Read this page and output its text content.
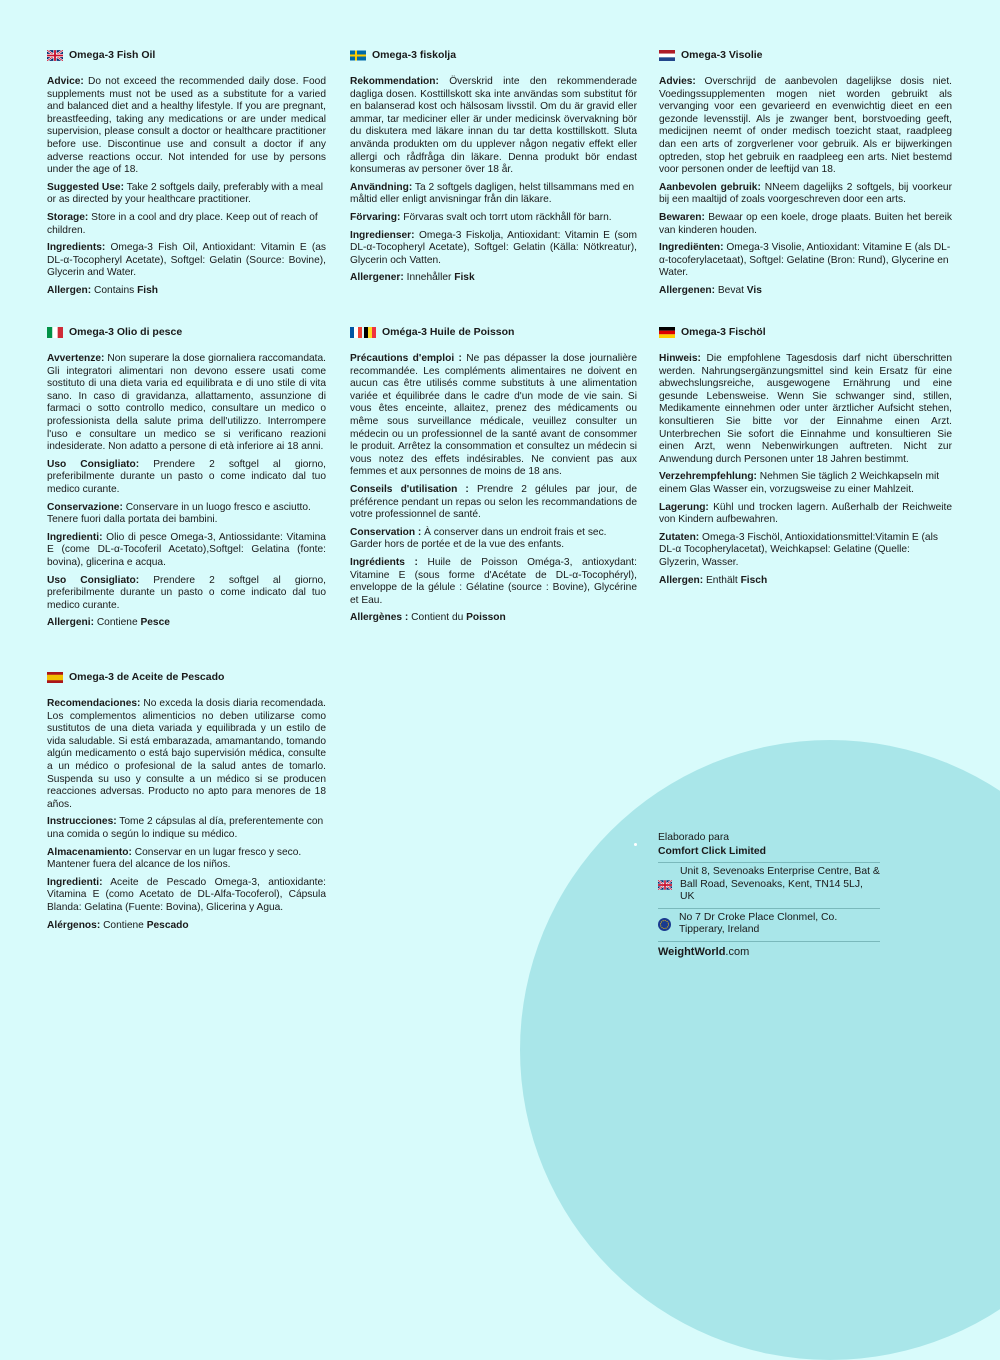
Omega-3 Fish Oil

Advice: Do not exceed the recommended daily dose. Food supplements must not be used as a substitute for a varied and balanced diet and a healthy lifestyle. If you are pregnant, breastfeeding, taking any medications or are under medical supervision, please consult a doctor or healthcare practitioner before use. Discontinue use and consult a doctor if any adverse reactions occur. Not intended for use by persons under the age of 18.

Suggested Use: Take 2 softgels daily, preferably with a meal or as directed by your healthcare practitioner.

Storage: Store in a cool and dry place. Keep out of reach of children.

Ingredients: Omega-3 Fish Oil, Antioxidant: Vitamin E (as DL-α-Tocopheryl Acetate), Softgel: Gelatin (Source: Bovine), Glycerin and Water.

Allergen: Contains Fish

Omega-3 fiskolja

Rekommendation: Överskrid inte den rekommenderade dagliga dosen. Kosttillskott ska inte användas som substitut för en balanserad kost och hälsosam livsstil. Om du är gravid eller ammar, tar mediciner eller är under medicinsk övervakning bör du diskutera med läkare innan du tar detta kosttillskott. Sluta använda produkten om du upplever någon negativ effekt eller allergi och rådfråga din läkare. Denna produkt bör endast konsumeras av personer över 18 år.

Användning: Ta 2 softgels dagligen, helst tillsammans med en måltid eller enligt anvisningar från din läkare.

Förvaring: Förvaras svalt och torrt utom räckhåll för barn.

Ingredienser: Omega-3 Fiskolja, Antioxidant: Vitamin E (som DL-α-Tocopheryl Acetate), Softgel: Gelatin (Källa: Nötkreatur), Glycerin och Vatten.

Allergener: Innehåller Fisk

Omega-3 Visolie

Advies: Overschrijd de aanbevolen dagelijkse dosis niet. Voedingssupplementen mogen niet worden gebruikt als vervanging voor een gevarieerd en evenwichtig dieet en een gezonde levensstijl. Als je zwanger bent, borstvoeding geeft, medicijnen neemt of onder medisch toezicht staat, raadpleeg dan een arts of zorgverlener voor gebruik. Als er bijwerkingen optreden, stop het gebruik en raadpleeg een arts. Niet bestemd voor personen onder de leeftijd van 18.

Aanbevolen gebruik: NNeem dagelijks 2 softgels, bij voorkeur bij een maaltijd of zoals voorgeschreven door een arts.

Bewaren: Bewaar op een koele, droge plaats. Buiten het bereik van kinderen houden.

Ingrediënten: Omega-3 Visolie, Antioxidant: Vitamine E (als DL-α-tocoferylacetaat), Softgel: Gelatine (Bron: Rund), Glycerine en Water.

Allergenen: Bevat Vis

Omega-3 Olio di pesce

Avvertenze: Non superare la dose giornaliera raccomandata. Gli integratori alimentari non devono essere usati come sostituto di una dieta varia ed equilibrata e di uno stile di vita sano. In caso di gravidanza, allattamento, assunzione di farmaci o sotto controllo medico, consultare un medico o professionista della salute prima dell'utilizzo. Interrompere l'uso e consultare un medico se si verificano reazioni indesiderate. Non adatto a persone di età inferiore ai 18 anni.

Uso Consigliato: Prendere 2 softgel al giorno, preferibilmente durante un pasto o come indicato dal tuo medico curante.

Conservazione: Conservare in un luogo fresco e asciutto. Tenere fuori dalla portata dei bambini.

Ingredienti: Olio di pesce Omega-3, Antiossidante: Vitamina E (come DL-α-Tocoferil Acetato),Softgel: Gelatina (fonte: bovina), glicerina e acqua.

Uso Consigliato: Prendere 2 softgel al giorno, preferibilmente durante un pasto o come indicato dal tuo medico curante.

Allergeni: Contiene Pesce

Oméga-3 Huile de Poisson

Précautions d'emploi : Ne pas dépasser la dose journalière recommandée. Les compléments alimentaires ne doivent en aucun cas être utilisés comme substituts à une alimentation variée et équilibrée dans le cadre d'un mode de vie sain. Si vous êtes enceinte, allaitez, prenez des médicaments ou même sous surveillance médicale, veuillez consulter un médecin ou un professionnel de la santé avant de consommer le produit. Arrêtez la consommation et consultez un médecin si vous notez des effets indésirables. Ne convient pas aux femmes et aux personnes de moins de 18 ans.

Conseils d'utilisation : Prendre 2 gélules par jour, de préférence pendant un repas ou selon les recommandations de votre professionnel de santé.

Conservation : À conserver dans un endroit frais et sec. Garder hors de portée et de la vue des enfants.

Ingrédients : Huile de Poisson Oméga-3, antioxydant: Vitamine E (sous forme d'Acétate de DL-α-Tocophéryl), enveloppe de la gélule : Gélatine (source : Bovine), Glycérine et Eau.

Allergènes : Contient du Poisson

Omega-3 Fischöl

Hinweis: Die empfohlene Tagesdosis darf nicht überschritten werden. Nahrungsergänzungsmittel sind kein Ersatz für eine abwechslungsreiche, ausgewogene Ernährung und eine gesunde Lebensweise. Wenn Sie schwanger sind, stillen, Medikamente einnehmen oder unter ärztlicher Aufsicht stehen, konsultieren Sie bitte vor der Einnahme einen Arzt. Unterbrechen Sie sofort die Einnahme und konsultieren Sie einen Arzt, wenn Nebenwirkungen auftreten. Nicht zur Anwendung durch Personen unter 18 Jahren bestimmt.

Verzehrempfehlung: Nehmen Sie täglich 2 Weichkapseln mit einem Glas Wasser ein, vorzugsweise zu einer Mahlzeit.

Lagerung: Kühl und trocken lagern. Außerhalb der Reichweite von Kindern aufbewahren.

Zutaten: Omega-3 Fischöl, Antioxidationsmittel:Vitamin E (als DL-α Tocopherylacetat), Weichkapsel: Gelatine (Quelle: Glyzerin, Wasser.

Allergen: Enthält Fisch

Omega-3 de Aceite de Pescado

Recomendaciones: No exceda la dosis diaria recomendada. Los complementos alimenticios no deben utilizarse como sustitutos de una dieta variada y equilibrada y un estilo de vida saludable. Si está embarazada, amamantando, tomando algún medicamento o está bajo supervisión médica, consulte a un médico o profesional de la salud antes de tomarlo. Suspenda su uso y consulte a un médico si se producen reacciones adversas. Producto no apto para menores de 18 años.

Instrucciones: Tome 2 cápsulas al día, preferentemente con una comida o según lo indique su médico.

Almacenamiento: Conservar en un lugar fresco y seco. Mantener fuera del alcance de los niños.

Ingredienti: Aceite de Pescado Omega-3, antioxidante: Vitamina E (como Acetato de DL-Alfa-Tocoferol), Cápsula Blanda: Gelatina (Fuente: Bovina), Glicerina y Agua.

Alérgenos: Contiene Pescado

Elaborado para
Comfort Click Limited
Unit 8, Sevenoaks Enterprise Centre, Bat & Ball Road, Sevenoaks, Kent, TN14 5LJ, UK
No 7 Dr Croke Place Clonmel, Co. Tipperary, Ireland
WeightWorld.com
